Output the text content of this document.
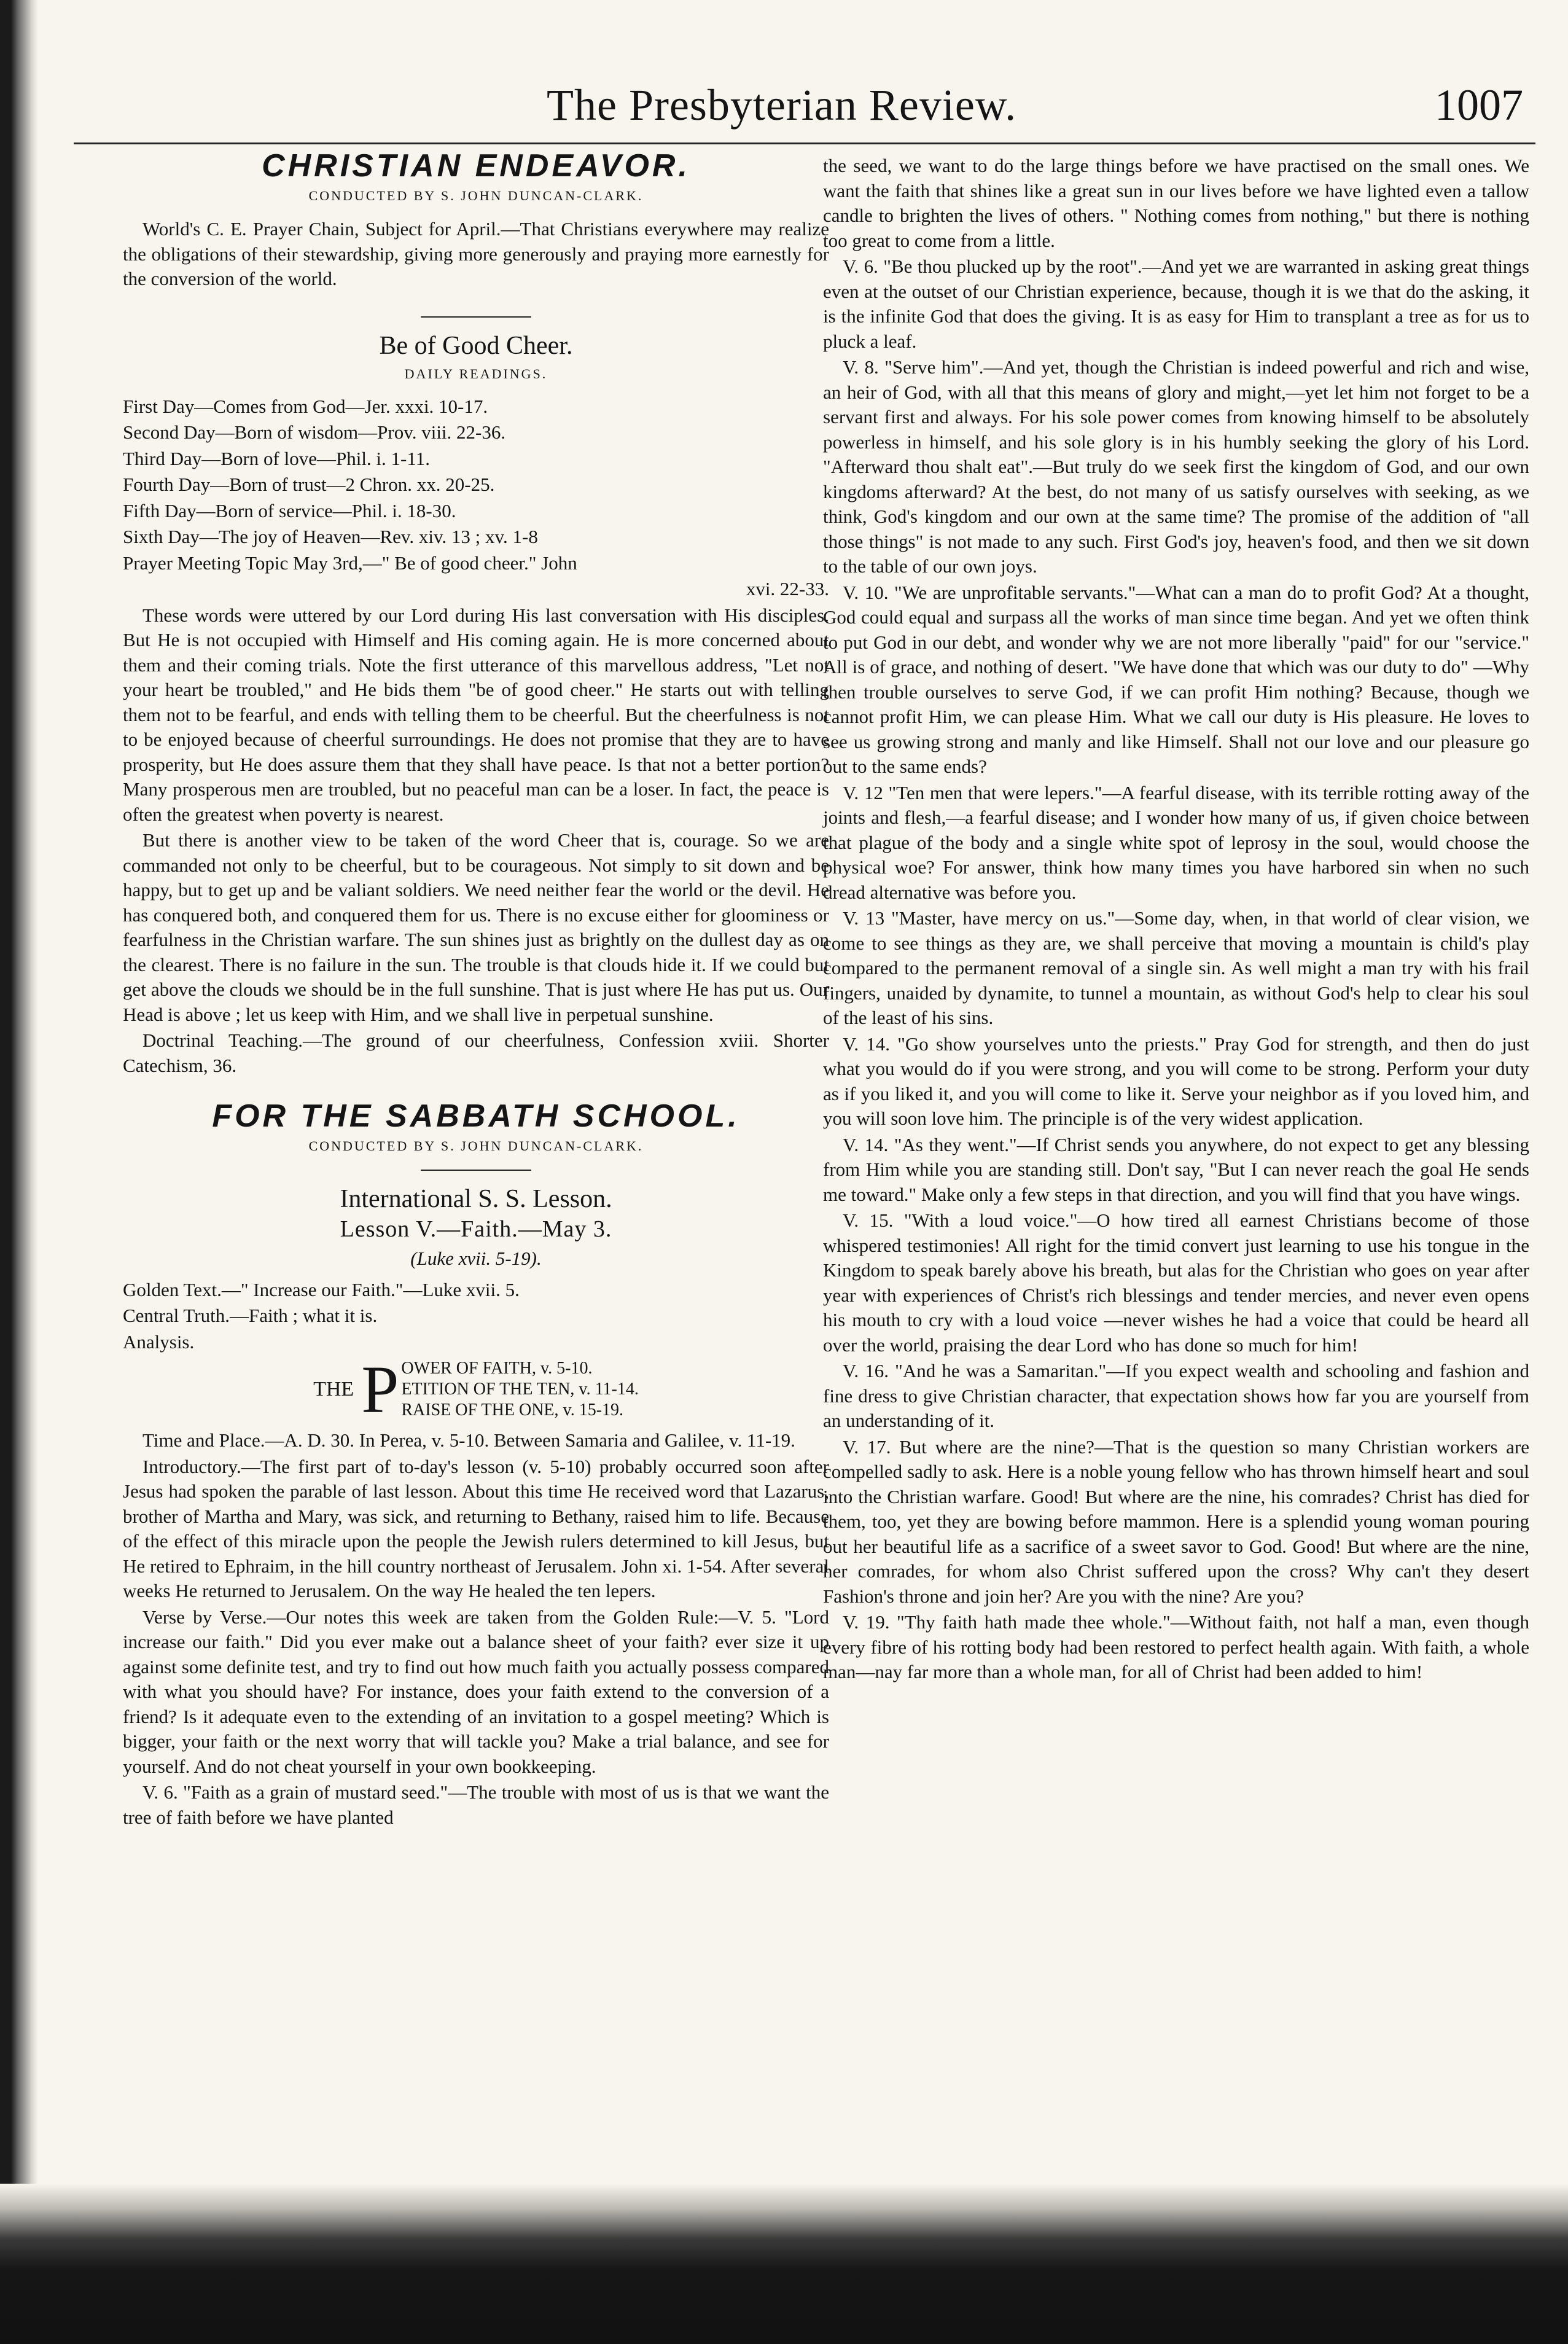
The Presbyterian Review.	1007
CHRISTIAN ENDEAVOR.
CONDUCTED BY S. JOHN DUNCAN-CLARK.

World's C. E. Prayer Chain, Subject for April.—That Christians everywhere may realize the obligations of their stewardship, giving more generously and praying more earnestly for the conversion of the world.

Be of Good Cheer.
DAILY READINGS.

First Day—Comes from God—Jer. xxxi. 10-17.

Second Day—Born of wisdom—Prov. viii. 22-36.

Third Day—Born of love—Phil. i. 1-11.

Fourth Day—Born of trust—2 Chron. xx. 20-25.

Fifth Day—Born of service—Phil. i. 18-30.

Sixth Day—The joy of Heaven—Rev. xiv. 13 ; xv. 1-8

Prayer Meeting Topic May 3rd,—" Be of good cheer." John

xvi. 22-33.

These words were uttered by our Lord during His last conversation with His disciples. But He is not occupied with Himself and His coming again. He is more concerned about them and their coming trials. Note the first utterance of this marvellous address, "Let not your heart be troubled," and He bids them "be of good cheer." He starts out with telling them not to be fearful, and ends with telling them to be cheerful. But the cheerfulness is not to be enjoyed because of cheerful surroundings. He does not promise that they are to have prosperity, but He does assure them that they shall have peace. Is that not a better portion? Many prosperous men are troubled, but no peaceful man can be a loser. In fact, the peace is often the greatest when poverty is nearest.

But there is another view to be taken of the word Cheer that is, courage. So we are commanded not only to be cheerful, but to be courageous. Not simply to sit down and be happy, but to get up and be valiant soldiers. We need neither fear the world or the devil. He has conquered both, and conquered them for us. There is no excuse either for gloominess or fearfulness in the Christian warfare. The sun shines just as brightly on the dullest day as on the clearest. There is no failure in the sun. The trouble is that clouds hide it. If we could but get above the clouds we should be in the full sunshine. That is just where He has put us. Our Head is above ; let us keep with Him, and we shall live in perpetual sunshine.

Doctrinal Teaching.—The ground of our cheerfulness, Confession xviii. Shorter Catechism, 36.

FOR THE SABBATH SCHOOL.
CONDUCTED BY S. JOHN DUNCAN-CLARK.
International S. S. Lesson.
Lesson V.—Faith.—May 3.
(Luke xvii. 5-19).

Golden Text.—" Increase our Faith."—Luke xvii. 5.

Central Truth.—Faith ; what it is.

Analysis.

THE P OWER OF FAITH, v. 5-10.
ETITION OF THE TEN, v. 11-14.
RAISE OF THE ONE, v. 15-19.

Time and Place.—A. D. 30. In Perea, v. 5-10. Between Samaria and Galilee, v. 11-19.

Introductory.—The first part of to-day's lesson (v. 5-10) probably occurred soon after Jesus had spoken the parable of last lesson. About this time He received word that Lazarus, brother of Martha and Mary, was sick, and returning to Bethany, raised him to life. Because of the effect of this miracle upon the people the Jewish rulers determined to kill Jesus, but He retired to Ephraim, in the hill country northeast of Jerusalem. John xi. 1-54. After several weeks He returned to Jerusalem. On the way He healed the ten lepers.

Verse by Verse.—Our notes this week are taken from the Golden Rule:—V. 5. "Lord increase our faith." Did you ever make out a balance sheet of your faith? ever size it up against some definite test, and try to find out how much faith you actually possess compared with what you should have? For instance, does your faith extend to the conversion of a friend? Is it adequate even to the extending of an invitation to a gospel meeting? Which is bigger, your faith or the next worry that will tackle you? Make a trial balance, and see for yourself. And do not cheat yourself in your own bookkeeping.

V. 6. "Faith as a grain of mustard seed."—The trouble with most of us is that we want the tree of faith before we have planted

the seed, we want to do the large things before we have practised on the small ones. We want the faith that shines like a great sun in our lives before we have lighted even a tallow candle to brighten the lives of others. " Nothing comes from nothing," but there is nothing too great to come from a little.

V. 6. "Be thou plucked up by the root".—And yet we are warranted in asking great things even at the outset of our Christian experience, because, though it is we that do the asking, it is the infinite God that does the giving. It is as easy for Him to transplant a tree as for us to pluck a leaf.

V. 8. "Serve him".—And yet, though the Christian is indeed powerful and rich and wise, an heir of God, with all that this means of glory and might,—yet let him not forget to be a servant first and always. For his sole power comes from knowing himself to be absolutely powerless in himself, and his sole glory is in his humbly seeking the glory of his Lord. "Afterward thou shalt eat".—But truly do we seek first the kingdom of God, and our own kingdoms afterward? At the best, do not many of us satisfy ourselves with seeking, as we think, God's kingdom and our own at the same time? The promise of the addition of "all those things" is not made to any such. First God's joy, heaven's food, and then we sit down to the table of our own joys.

V. 10. "We are unprofitable servants."—What can a man do to profit God? At a thought, God could equal and surpass all the works of man since time began. And yet we often think to put God in our debt, and wonder why we are not more liberally "paid" for our "service." All is of grace, and nothing of desert. "We have done that which was our duty to do" —Why then trouble ourselves to serve God, if we can profit Him nothing? Because, though we cannot profit Him, we can please Him. What we call our duty is His pleasure. He loves to see us growing strong and manly and like Himself. Shall not our love and our pleasure go out to the same ends?

V. 12 "Ten men that were lepers."—A fearful disease, with its terrible rotting away of the joints and flesh,—a fearful disease; and I wonder how many of us, if given choice between that plague of the body and a single white spot of leprosy in the soul, would choose the physical woe? For answer, think how many times you have harbored sin when no such dread alternative was before you.

V. 13 "Master, have mercy on us."—Some day, when, in that world of clear vision, we come to see things as they are, we shall perceive that moving a mountain is child's play compared to the permanent removal of a single sin. As well might a man try with his frail fingers, unaided by dynamite, to tunnel a mountain, as without God's help to clear his soul of the least of his sins.

V. 14. "Go show yourselves unto the priests." Pray God for strength, and then do just what you would do if you were strong, and you will come to be strong. Perform your duty as if you liked it, and you will come to like it. Serve your neighbor as if you loved him, and you will soon love him. The principle is of the very widest application.

V. 14. "As they went."—If Christ sends you anywhere, do not expect to get any blessing from Him while you are standing still. Don't say, "But I can never reach the goal He sends me toward." Make only a few steps in that direction, and you will find that you have wings.

V. 15. "With a loud voice."—O how tired all earnest Christians become of those whispered testimonies! All right for the timid convert just learning to use his tongue in the Kingdom to speak barely above his breath, but alas for the Christian who goes on year after year with experiences of Christ's rich blessings and tender mercies, and never even opens his mouth to cry with a loud voice —never wishes he had a voice that could be heard all over the world, praising the dear Lord who has done so much for him!

V. 16. "And he was a Samaritan."—If you expect wealth and schooling and fashion and fine dress to give Christian character, that expectation shows how far you are yourself from an understanding of it.

V. 17. But where are the nine?—That is the question so many Christian workers are compelled sadly to ask. Here is a noble young fellow who has thrown himself heart and soul into the Christian warfare. Good! But where are the nine, his comrades? Christ has died for them, too, yet they are bowing before mammon. Here is a splendid young woman pouring out her beautiful life as a sacrifice of a sweet savor to God. Good! But where are the nine, her comrades, for whom also Christ suffered upon the cross? Why can't they desert Fashion's throne and join her? Are you with the nine? Are you?

V. 19. "Thy faith hath made thee whole."—Without faith, not half a man, even though every fibre of his rotting body had been restored to perfect health again. With faith, a whole man—nay far more than a whole man, for all of Christ had been added to him!
